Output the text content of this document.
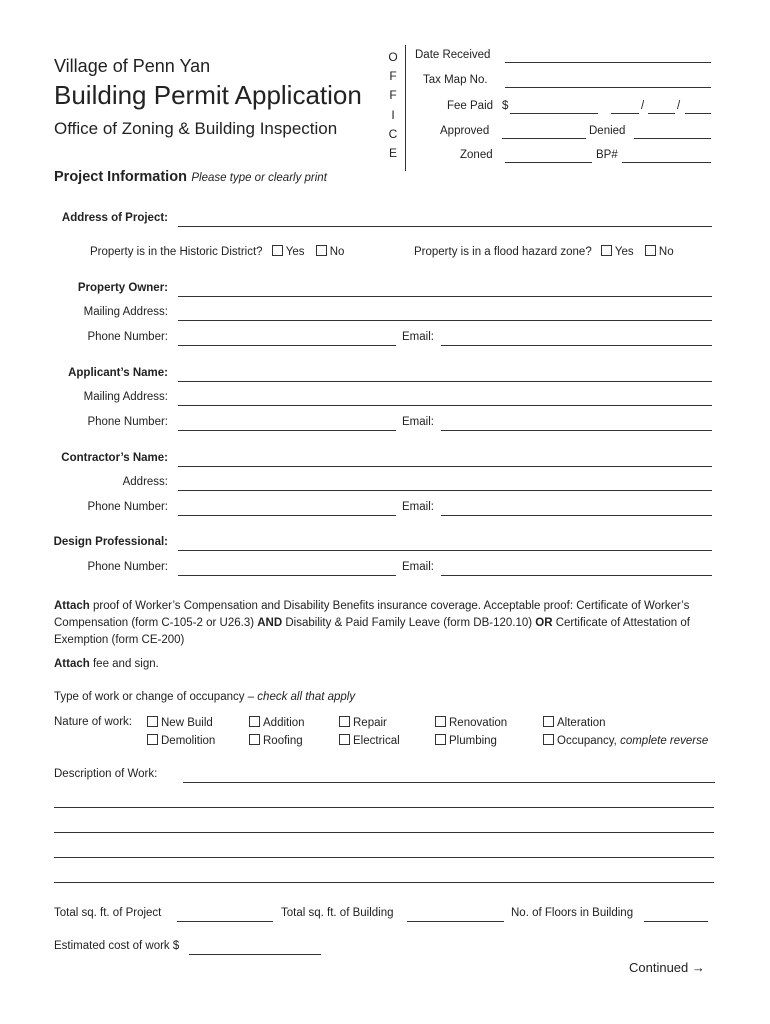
Village of Penn Yan
Building Permit Application
Office of Zoning & Building Inspection
O
F
F
I
C
E
Date Received
Tax Map No.
Fee Paid $	/	/
Approved	Denied
Zoned	BP#
Project Information Please type or clearly print
Address of Project:
Property is in the Historic District? Yes No	Property is in a flood hazard zone? Yes No
Property Owner:
Mailing Address:
Phone Number:	Email:
Applicant’s Name:
Mailing Address:
Phone Number:	Email:
Contractor’s Name:
Address:
Phone Number:	Email:
Design Professional:
Phone Number:	Email:
Attach proof of Worker’s Compensation and Disability Benefits insurance coverage. Acceptable proof: Certificate of Worker’s Compensation (form C-105-2 or U26.3) AND Disability & Paid Family Leave (form DB-120.10) OR Certificate of Attestation of Exemption (form CE-200)
Attach fee and sign.
Type of work or change of occupancy – check all that apply
Nature of work:	New Build	Addition	Repair	Renovation	Alteration
Demolition	Roofing	Electrical	Plumbing	Occupancy, complete reverse
Description of Work:
Total sq. ft. of Project	Total sq. ft. of Building	No. of Floors in Building
Estimated cost of work $
Continued →
